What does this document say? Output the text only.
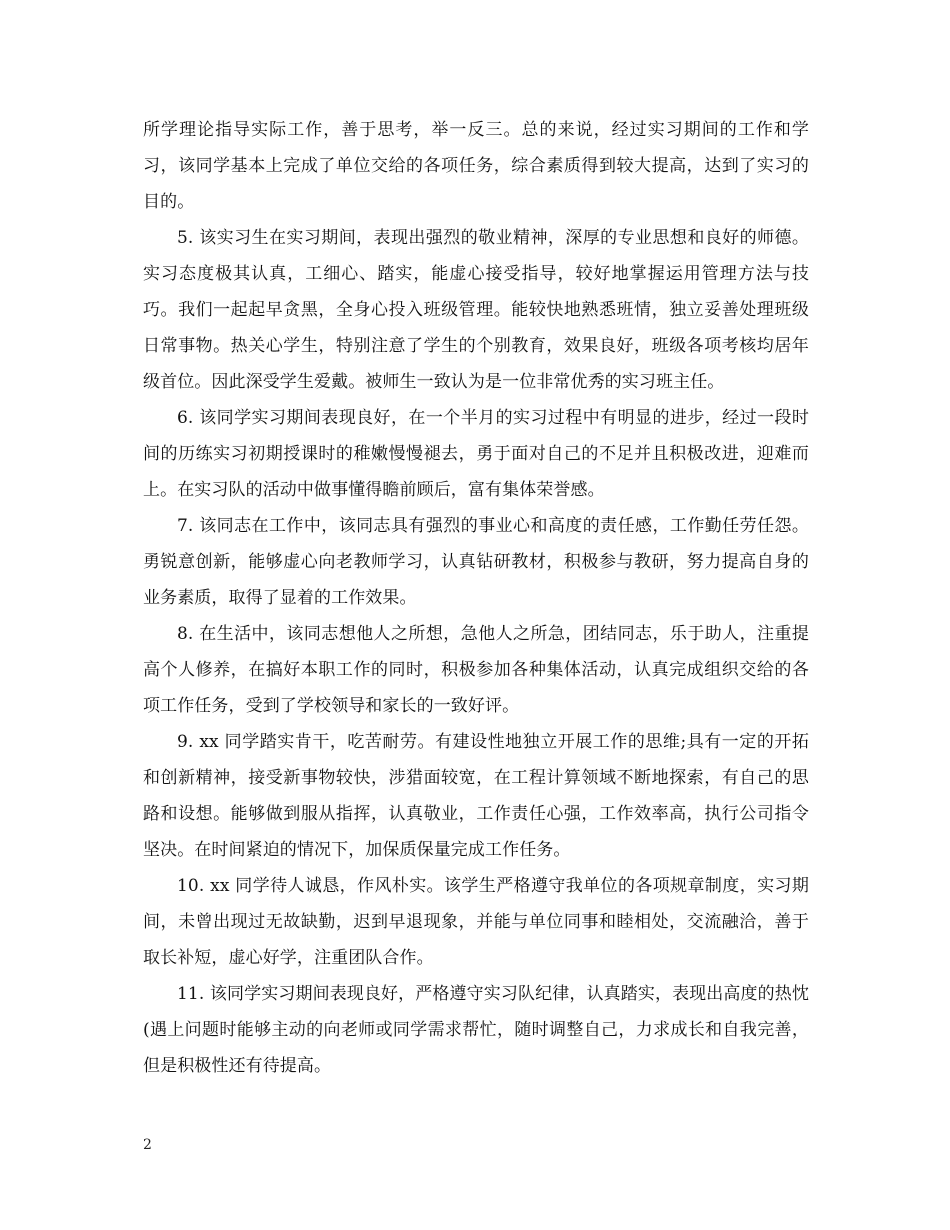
所学理论指导实际工作，善于思考，举一反三。总的来说，经过实习期间的工作和学习，该同学基本上完成了单位交给的各项任务，综合素质得到较大提高，达到了实习的目的。

5. 该实习生在实习期间，表现出强烈的敬业精神，深厚的专业思想和良好的师德。实习态度极其认真，工细心、踏实，能虚心接受指导，较好地掌握运用管理方法与技巧。我们一起起早贪黑，全身心投入班级管理。能较快地熟悉班情，独立妥善处理班级日常事物。热关心学生，特别注意了学生的个别教育，效果良好，班级各项考核均居年级首位。因此深受学生爱戴。被师生一致认为是一位非常优秀的实习班主任。

6. 该同学实习期间表现良好，在一个半月的实习过程中有明显的进步，经过一段时间的历练实习初期授课时的稚嫩慢慢褪去，勇于面对自己的不足并且积极改进，迎难而上。在实习队的活动中做事懂得瞻前顾后，富有集体荣誉感。

7. 该同志在工作中，该同志具有强烈的事业心和高度的责任感，工作勤任劳任怨。勇锐意创新，能够虚心向老教师学习，认真钻研教材，积极参与教研，努力提高自身的业务素质，取得了显着的工作效果。

8. 在生活中，该同志想他人之所想，急他人之所急，团结同志，乐于助人，注重提高个人修养，在搞好本职工作的同时，积极参加各种集体活动，认真完成组织交给的各项工作任务，受到了学校领导和家长的一致好评。

9. xx 同学踏实肯干，吃苦耐劳。有建设性地独立开展工作的思维;具有一定的开拓和创新精神，接受新事物较快，涉猎面较宽，在工程计算领域不断地探索，有自己的思路和设想。能够做到服从指挥，认真敬业，工作责任心强，工作效率高，执行公司指令坚决。在时间紧迫的情况下，加保质保量完成工作任务。

10. xx 同学待人诚恳，作风朴实。该学生严格遵守我单位的各项规章制度，实习期间，未曾出现过无故缺勤，迟到早退现象，并能与单位同事和睦相处，交流融洽，善于取长补短，虚心好学，注重团队合作。

11. 该同学实习期间表现良好，严格遵守实习队纪律，认真踏实，表现出高度的热忱(遇上问题时能够主动的向老师或同学需求帮忙，随时调整自己，力求成长和自我完善，但是积极性还有待提高。

2
